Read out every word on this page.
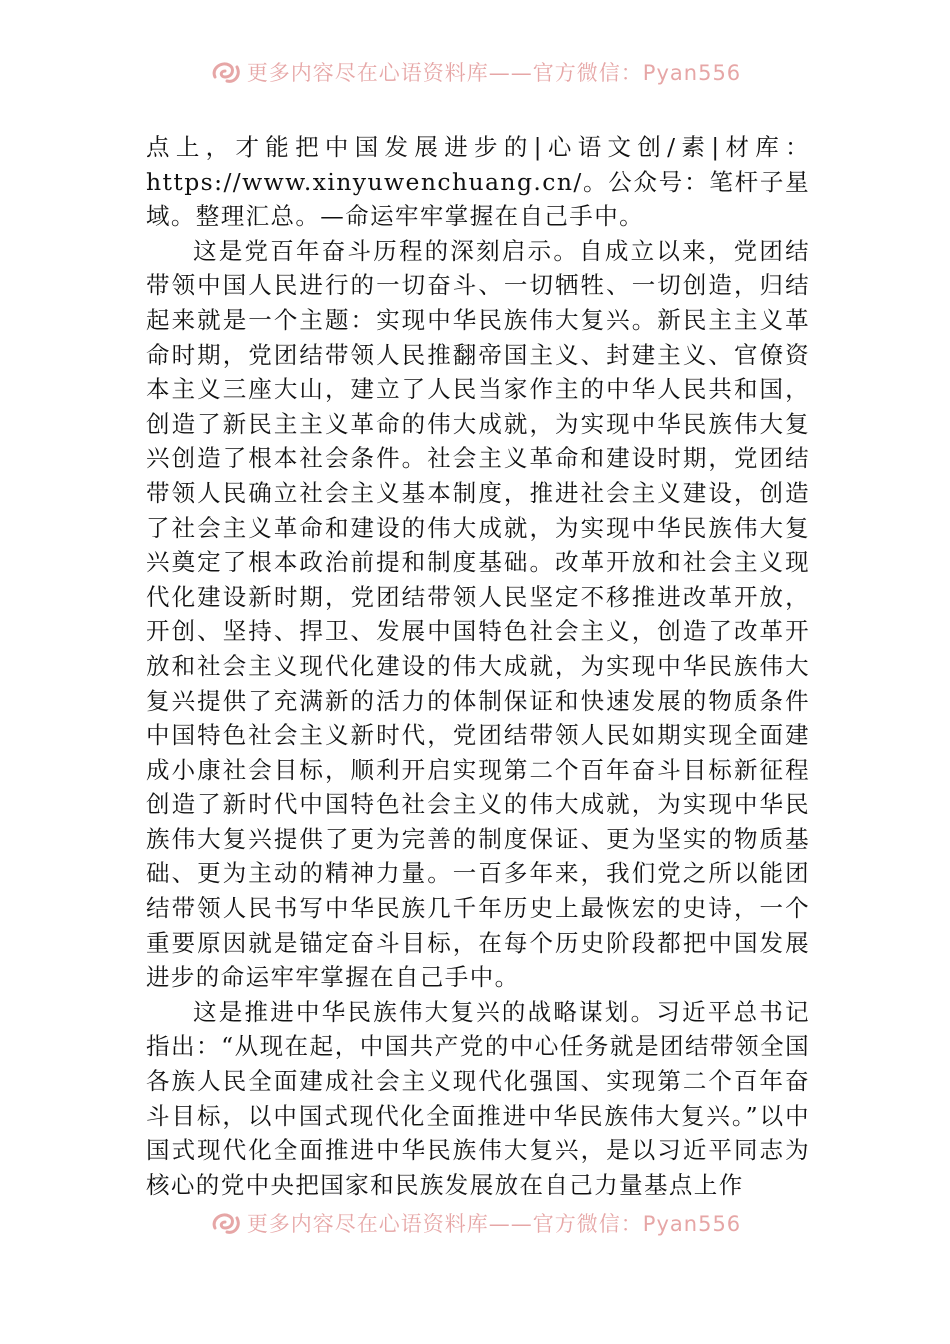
更多内容尽在心语资料库——官方微信：Pyan556

点上，才能把中国发展进步的|心语文创/素|材库：https://www.xinyuwenchuang.cn/。公众号：笔杆子星域。整理汇总。—命运牢牢掌握在自己手中。

这是党百年奋斗历程的深刻启示。自成立以来，党团结带领中国人民进行的一切奋斗、一切牺牲、一切创造，归结起来就是一个主题：实现中华民族伟大复兴。新民主主义革命时期，党团结带领人民推翻帝国主义、封建主义、官僚资本主义三座大山，建立了人民当家作主的中华人民共和国，创造了新民主主义革命的伟大成就，为实现中华民族伟大复兴创造了根本社会条件。社会主义革命和建设时期，党团结带领人民确立社会主义基本制度，推进社会主义建设，创造了社会主义革命和建设的伟大成就，为实现中华民族伟大复兴奠定了根本政治前提和制度基础。改革开放和社会主义现代化建设新时期，党团结带领人民坚定不移推进改革开放，开创、坚持、捍卫、发展中国特色社会主义，创造了改革开放和社会主义现代化建设的伟大成就，为实现中华民族伟大复兴提供了充满新的活力的体制保证和快速发展的物质条件中国特色社会主义新时代，党团结带领人民如期实现全面建成小康社会目标，顺利开启实现第二个百年奋斗目标新征程创造了新时代中国特色社会主义的伟大成就，为实现中华民族伟大复兴提供了更为完善的制度保证、更为坚实的物质基础、更为主动的精神力量。一百多年来，我们党之所以能团结带领人民书写中华民族几千年历史上最恢宏的史诗，一个重要原因就是锚定奋斗目标，在每个历史阶段都把中国发展进步的命运牢牢掌握在自己手中。

这是推进中华民族伟大复兴的战略谋划。习近平总书记指出：“从现在起，中国共产党的中心任务就是团结带领全国各族人民全面建成社会主义现代化强国、实现第二个百年奋斗目标，以中国式现代化全面推进中华民族伟大复兴。”以中国式现代化全面推进中华民族伟大复兴，是以习近平同志为核心的党中央把国家和民族发展放在自己力量基点上作

更多内容尽在心语资料库——官方微信：Pyan556
